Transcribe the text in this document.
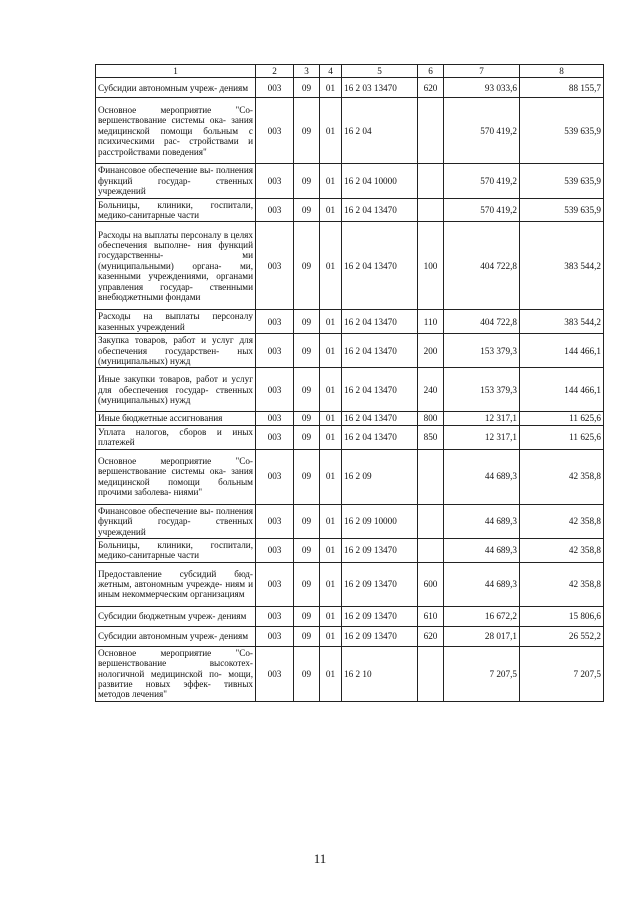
1	2	3	4	5	6	7	8
Субсидии автономным учреж- дениям	003	09	01	16 2 03 13470	620	93 033,6	88 155,7
Основное мероприятие "Со- вершенствование системы ока- зания медицинской помощи больным с психическими рас- стройствами и расстройствами поведения"	003	09	01	16 2 04		570 419,2	539 635,9
Финансовое обеспечение вы- полнения функций государ- ственных учреждений	003	09	01	16 2 04 10000		570 419,2	539 635,9
Больницы, клиники, госпитали, медико-санитарные части	003	09	01	16 2 04 13470		570 419,2	539 635,9
Расходы на выплаты персоналу в целях обеспечения выполне- ния функций государственны- ми (муниципальными) органа- ми, казенными учреждениями, органами управления государ- ственными внебюджетными фондами	003	09	01	16 2 04 13470	100	404 722,8	383 544,2
Расходы на выплаты персоналу казенных учреждений	003	09	01	16 2 04 13470	110	404 722,8	383 544,2
Закупка товаров, работ и услуг для обеспечения государствен- ных (муниципальных) нужд	003	09	01	16 2 04 13470	200	153 379,3	144 466,1
Иные закупки товаров, работ и услуг для обеспечения государ- ственных (муниципальных) нужд	003	09	01	16 2 04 13470	240	153 379,3	144 466,1
Иные бюджетные ассигнования	003	09	01	16 2 04 13470	800	12 317,1	11 625,6
Уплата налогов, сборов и иных платежей	003	09	01	16 2 04 13470	850	12 317,1	11 625,6
Основное мероприятие "Со- вершенствование системы ока- зания медицинской помощи больным прочими заболева- ниями"	003	09	01	16 2 09		44 689,3	42 358,8
Финансовое обеспечение вы- полнения функций государ- ственных учреждений	003	09	01	16 2 09 10000		44 689,3	42 358,8
Больницы, клиники, госпитали, медико-санитарные части	003	09	01	16 2 09 13470		44 689,3	42 358,8
Предоставление субсидий бюд- жетным, автономным учрежде- ниям и иным некоммерческим организациям	003	09	01	16 2 09 13470	600	44 689,3	42 358,8
Субсидии бюджетным учреж- дениям	003	09	01	16 2 09 13470	610	16 672,2	15 806,6
Субсидии автономным учреж- дениям	003	09	01	16 2 09 13470	620	28 017,1	26 552,2
Основное мероприятие "Со- вершенствование высокотех- нологичной медицинской по- мощи, развитие новых эффек- тивных методов лечения"	003	09	01	16 2 10		7 207,5	7 207,5
11
